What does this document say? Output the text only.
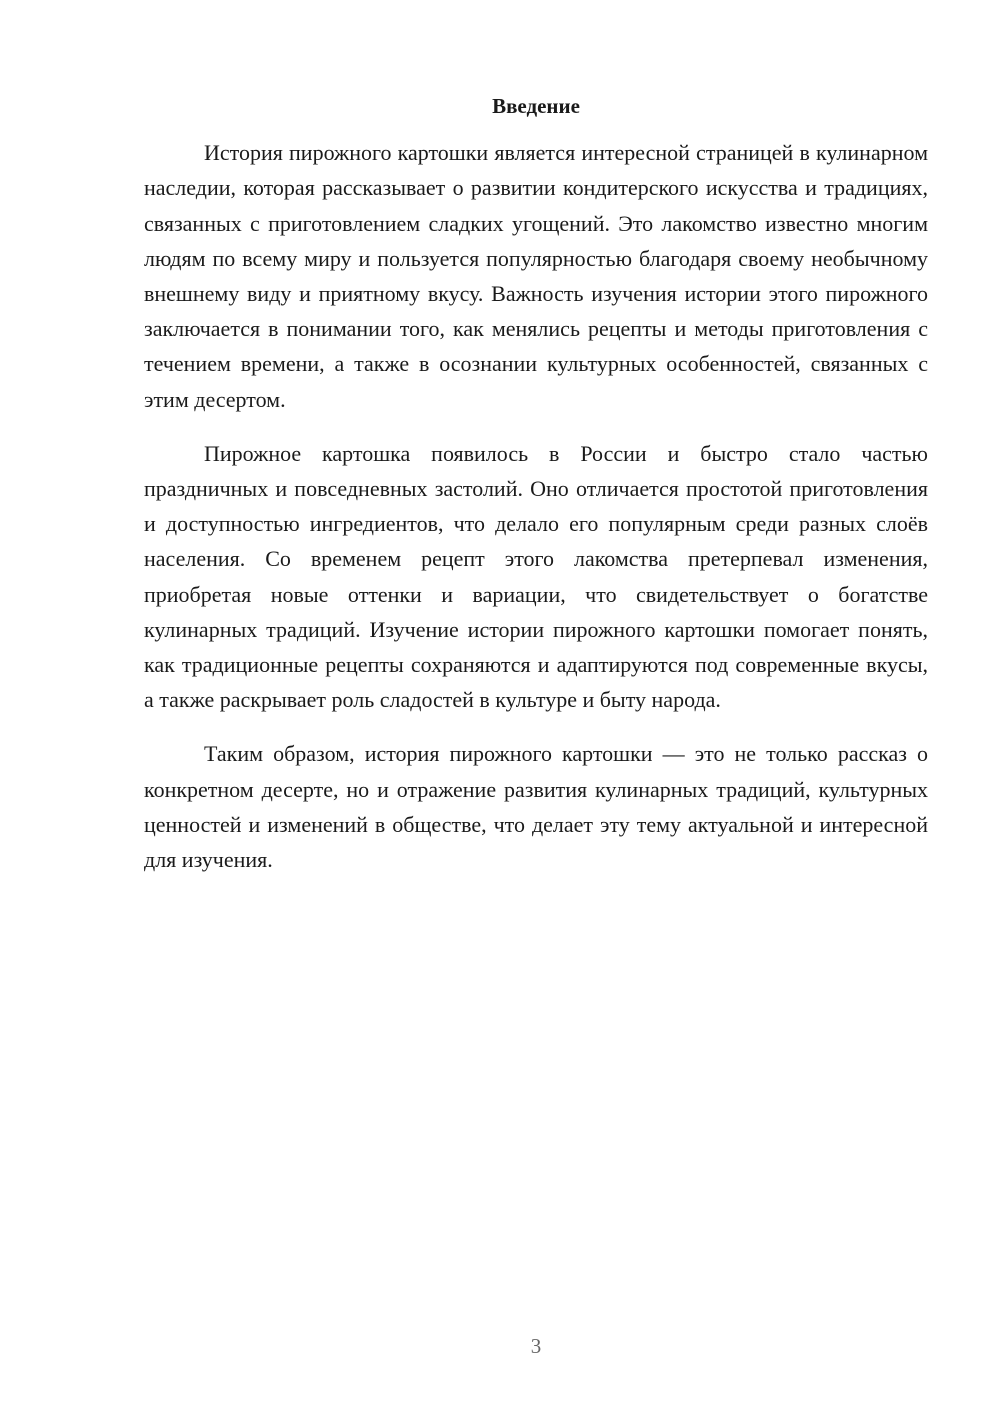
Введение

История пирожного картошки является интересной страницей в кулинарном наследии, которая рассказывает о развитии кондитерского искусства и традициях, связанных с приготовлением сладких угощений. Это лакомство известно многим людям по всему миру и пользуется популярностью благодаря своему необычному внешнему виду и приятному вкусу. Важность изучения истории этого пирожного заключается в понимании того, как менялись рецепты и методы приготовления с течением времени, а также в осознании культурных особенностей, связанных с этим десертом.

Пирожное картошка появилось в России и быстро стало частью праздничных и повседневных застолий. Оно отличается простотой приготовления и доступностью ингредиентов, что делало его популярным среди разных слоёв населения. Со временем рецепт этого лакомства претерпевал изменения, приобретая новые оттенки и вариации, что свидетельствует о богатстве кулинарных традиций. Изучение истории пирожного картошки помогает понять, как традиционные рецепты сохраняются и адаптируются под современные вкусы, а также раскрывает роль сладостей в культуре и быту народа.

Таким образом, история пирожного картошки — это не только рассказ о конкретном десерте, но и отражение развития кулинарных традиций, культурных ценностей и изменений в обществе, что делает эту тему актуальной и интересной для изучения.

3
